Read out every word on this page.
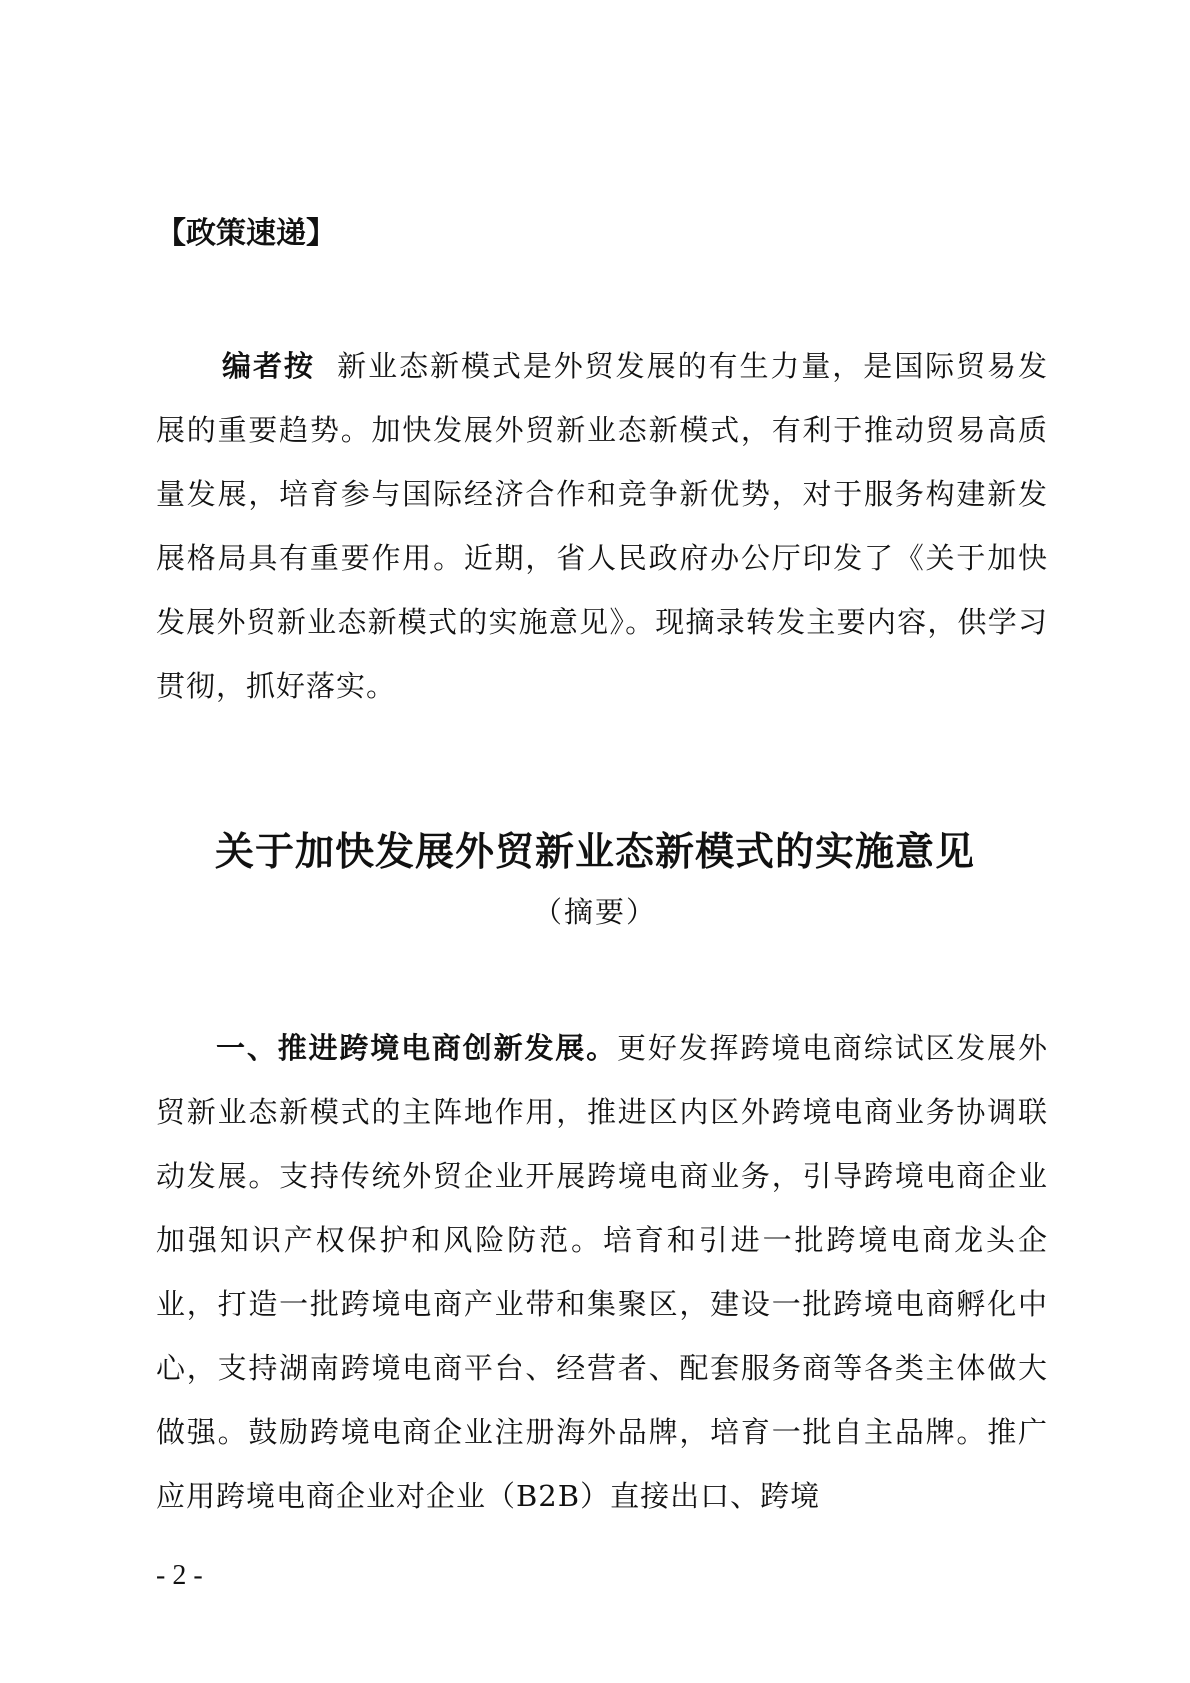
【政策速递】
编者按 新业态新模式是外贸发展的有生力量，是国际贸易发展的重要趋势。加快发展外贸新业态新模式，有利于推动贸易高质量发展，培育参与国际经济合作和竞争新优势，对于服务构建新发展格局具有重要作用。近期，省人民政府办公厅印发了《关于加快发展外贸新业态新模式的实施意见》。现摘录转发主要内容，供学习贯彻，抓好落实。
关于加快发展外贸新业态新模式的实施意见
（摘要）
一、推进跨境电商创新发展。更好发挥跨境电商综试区发展外贸新业态新模式的主阵地作用，推进区内区外跨境电商业务协调联动发展。支持传统外贸企业开展跨境电商业务，引导跨境电商企业加强知识产权保护和风险防范。培育和引进一批跨境电商龙头企业，打造一批跨境电商产业带和集聚区，建设一批跨境电商孵化中心，支持湖南跨境电商平台、经营者、配套服务商等各类主体做大做强。鼓励跨境电商企业注册海外品牌，培育一批自主品牌。推广应用跨境电商企业对企业（B2B）直接出口、跨境
- 2 -
